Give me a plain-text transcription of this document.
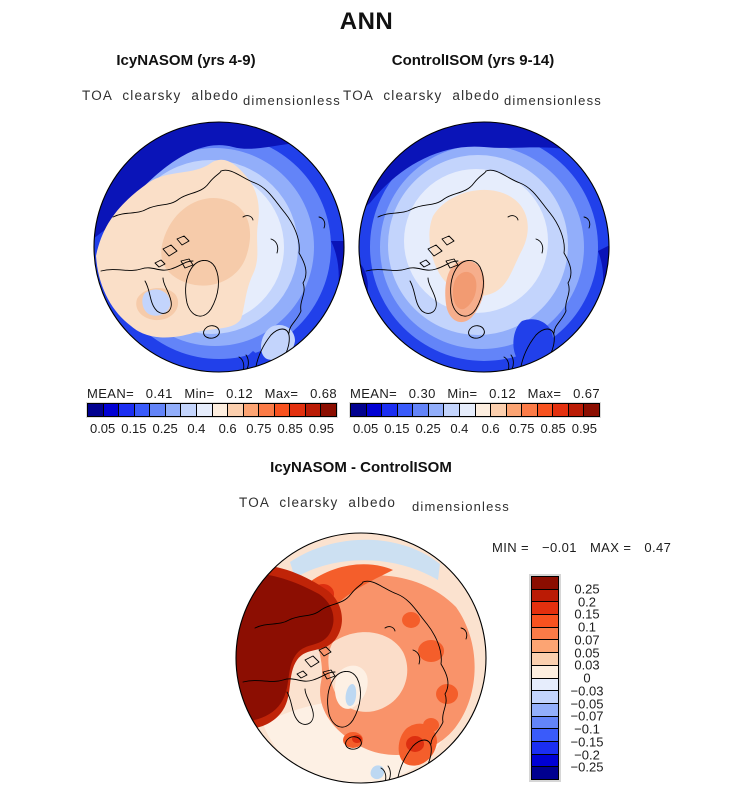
ANN
IcyNASOM (yrs 4-9)	ControlISOM (yrs 9-14)
TOA clearsky albedo dimensionless TOA clearsky albedo dimensionless
MEAN= 0.41 Min= 0.12 Max= 0.68 MEAN= 0.30 Min= 0.12 Max= 0.67
0.05 0.15 0.25 0.4	0.6 0.75 0.85 0.95 0.05 0.15 0.25 0.4	0.6 0.75 0.85 0.95
IcyNASOM - ControlISOM
TOA clearsky albedo dimensionless
MIN = −0.01 MAX = 0.47
0.25
0.2
0.15
0.1
0.07
0.05
0.03
0
−0.03
−0.05
−0.07
−0.1
−0.15
−0.2
−0.25
